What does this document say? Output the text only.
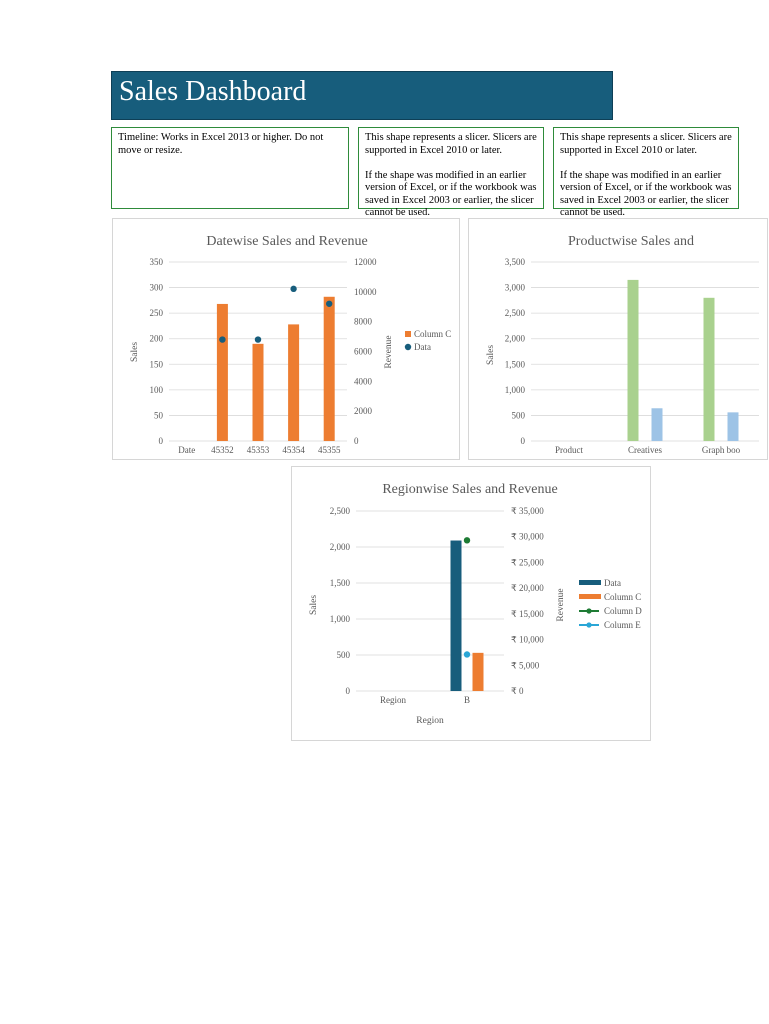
Sales Dashboard

Timeline: Works in Excel 2013 or higher. Do not move or resize.

This shape represents a slicer. Slicers are supported in Excel 2010 or later.

If the shape was modified in an earlier version of Excel, or if the workbook was saved in Excel 2003 or earlier, the slicer cannot be used.

This shape represents a slicer. Slicers are supported in Excel 2010 or later.

If the shape was modified in an earlier version of Excel, or if the workbook was saved in Excel 2003 or earlier, the slicer cannot be used.

Datewise Sales and Revenue
0
50
100
150
200
250
300
350
0
2000
4000
6000
8000
10000
12000
Sales	Revenue
Date 45352 45353 45354 45355
Column C
Data
Productwise Sales and
0
500
1,000
1,500
2,000
2,500
3,000
3,500
Sales
Product	Creatives	Graph boo
Regionwise Sales and Revenue
0
500
1,000
1,500
2,000
2,500
₹ 0
₹ 5,000
₹ 10,000
₹ 15,000
₹ 20,000
₹ 25,000
₹ 30,000
₹ 35,000
Sales	Revenue
Region
Region	B
Data
Column C
Column D
Column E
